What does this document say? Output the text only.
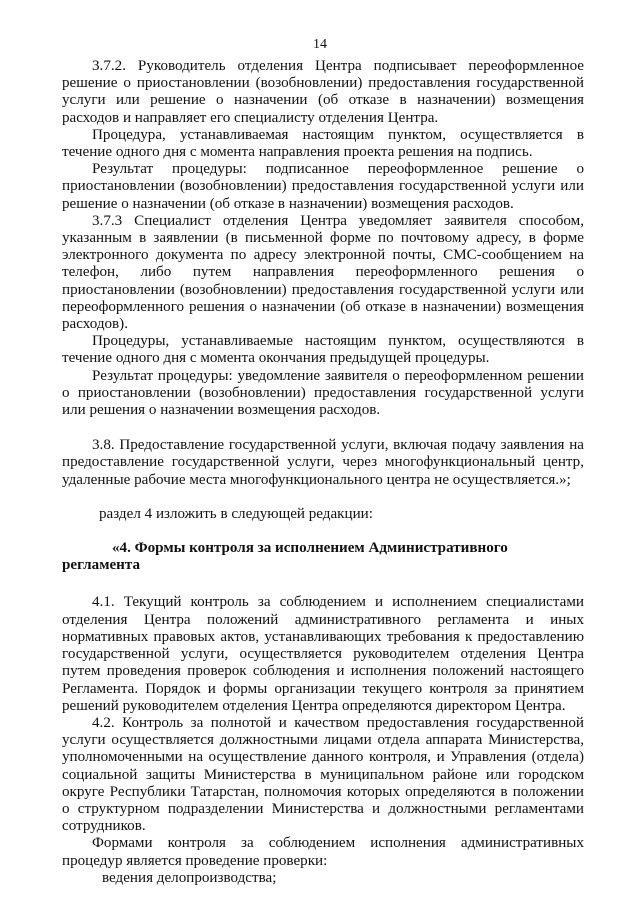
14

3.7.2. Руководитель отделения Центра подписывает переоформленное решение о приостановлении (возобновлении) предоставления государственной услуги или решение о назначении (об отказе в назначении) возмещения расходов и направляет его специалисту отделения Центра.

Процедура, устанавливаемая настоящим пунктом, осуществляется в течение одного дня с момента направления проекта решения на подпись.

Результат процедуры: подписанное переоформленное решение о приостановлении (возобновлении) предоставления государственной услуги или решение о назначении (об отказе в назначении) возмещения расходов.

3.7.3 Специалист отделения Центра уведомляет заявителя способом, указанным в заявлении (в письменной форме по почтовому адресу, в форме электронного документа по адресу электронной почты, СМС-сообщением на телефон, либо путем направления переоформленного решения о приостановлении (возобновлении) предоставления государственной услуги или переоформленного решения о назначении (об отказе в назначении) возмещения расходов).

Процедуры, устанавливаемые настоящим пунктом, осуществляются в течение одного дня с момента окончания предыдущей процедуры.

Результат процедуры: уведомление заявителя о переоформленном решении о приостановлении (возобновлении) предоставления государственной услуги или решения о назначении возмещения расходов.

3.8. Предоставление государственной услуги, включая подачу заявления на предоставление государственной услуги, через многофункциональный центр, удаленные рабочие места многофункционального центра не осуществляется.»;

раздел 4 изложить в следующей редакции:

«4. Формы контроля за исполнением Административного регламента

4.1. Текущий контроль за соблюдением и исполнением специалистами отделения Центра положений административного регламента и иных нормативных правовых актов, устанавливающих требования к предоставлению государственной услуги, осуществляется руководителем отделения Центра путем проведения проверок соблюдения и исполнения положений настоящего Регламента. Порядок и формы организации текущего контроля за принятием решений руководителем отделения Центра определяются директором Центра.

4.2. Контроль за полнотой и качеством предоставления государственной услуги осуществляется должностными лицами отдела аппарата Министерства, уполномоченными на осуществление данного контроля, и Управления (отдела) социальной защиты Министерства в муниципальном районе или городском округе Республики Татарстан, полномочия которых определяются в положении о структурном подразделении Министерства и должностными регламентами сотрудников.

Формами контроля за соблюдением исполнения административных процедур является проведение проверки:

ведения делопроизводства;
